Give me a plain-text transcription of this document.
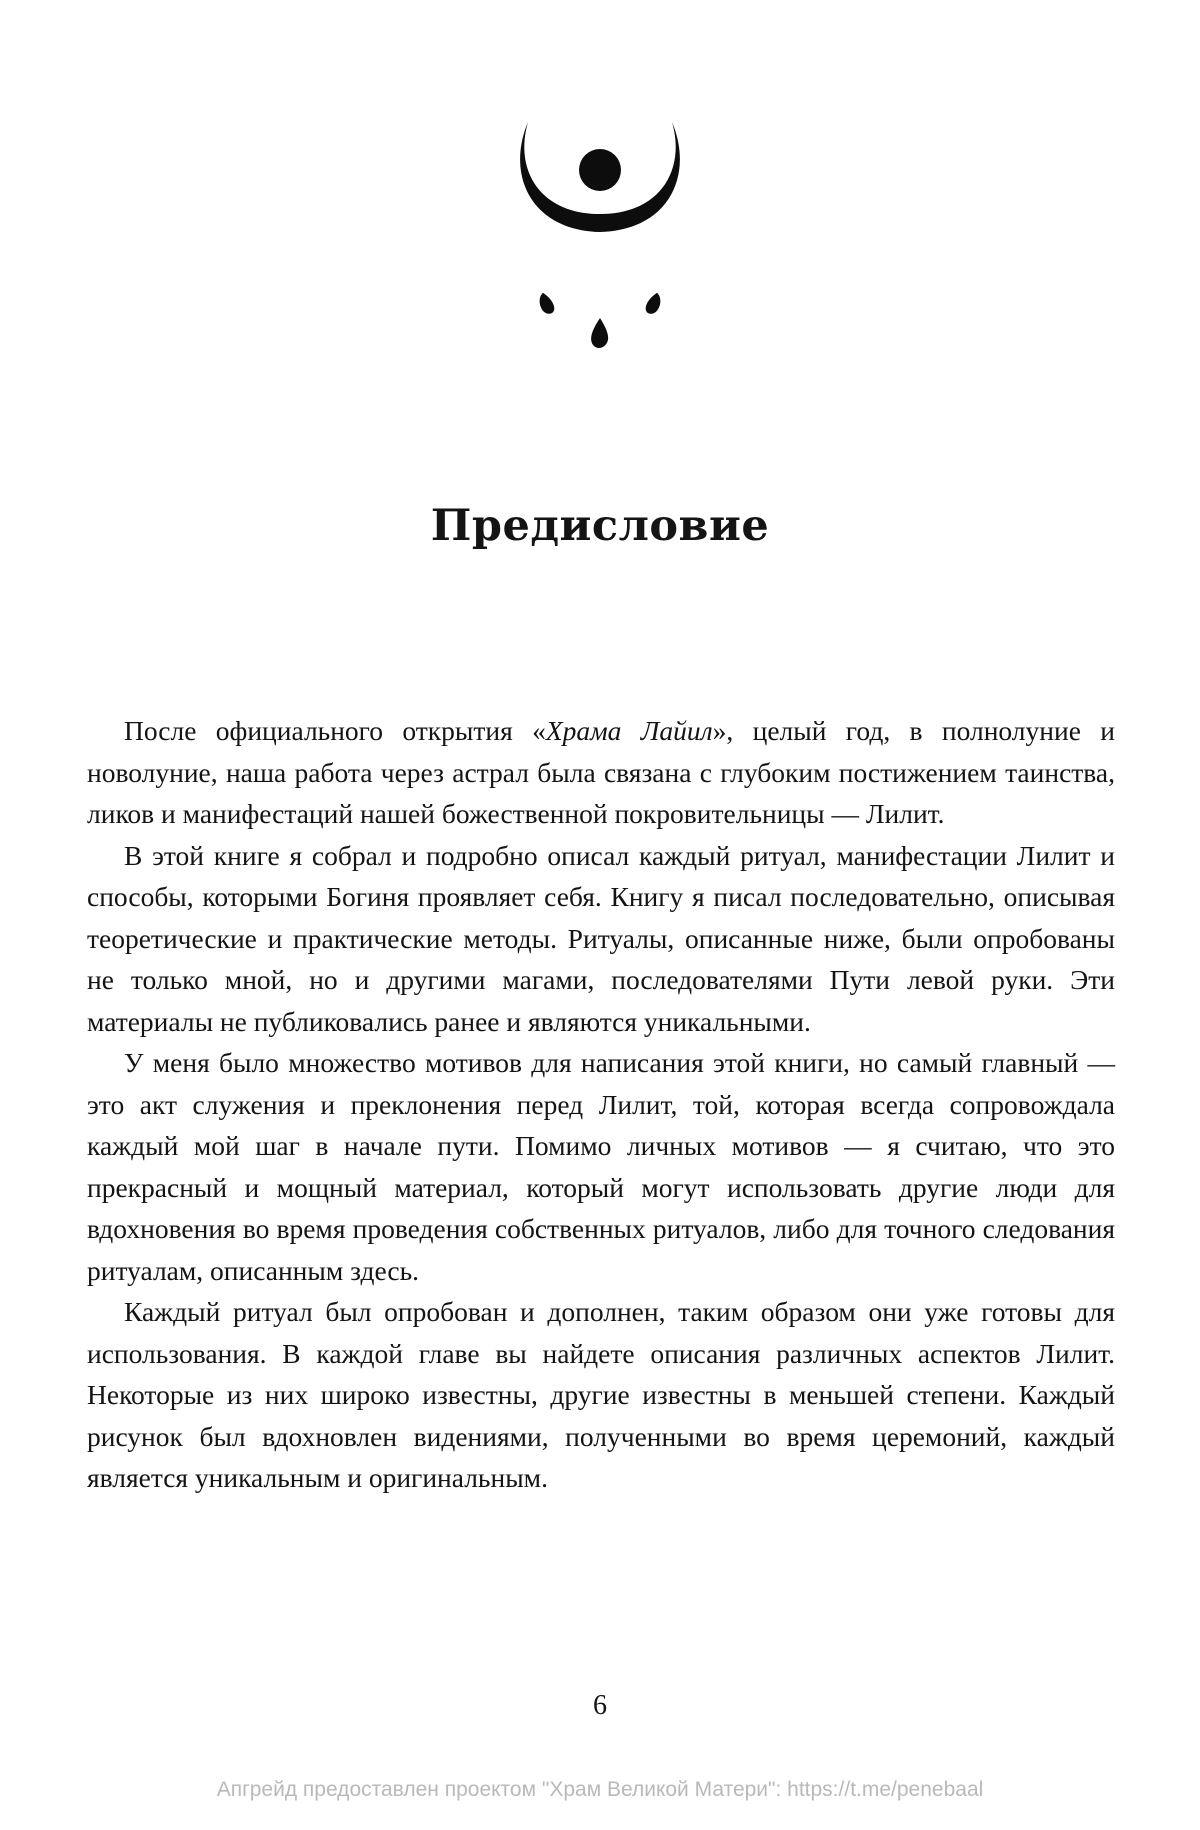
Предисловие

После официального открытия «Храма Лайил», целый год, в полнолуние и новолуние, наша работа через астрал была связана с глубоким постижением таинства, ликов и манифестаций нашей божественной покровительницы — Лилит.

В этой книге я собрал и подробно описал каждый ритуал, манифестации Лилит и способы, которыми Богиня проявляет себя. Книгу я писал последовательно, описывая теоретические и практические методы. Ритуалы, описанные ниже, были опробованы не только мной, но и другими магами, последователями Пути левой руки. Эти материалы не публиковались ранее и являются уникальными.

У меня было множество мотивов для написания этой книги, но самый главный — это акт служения и преклонения перед Лилит, той, которая всегда сопровождала каждый мой шаг в начале пути. Помимо личных мотивов — я считаю, что это прекрасный и мощный материал, который могут использовать другие люди для вдохновения во время проведения собственных ритуалов, либо для точного следования ритуалам, описанным здесь.

Каждый ритуал был опробован и дополнен, таким образом они уже готовы для использования. В каждой главе вы найдете описания различных аспектов Лилит. Некоторые из них широко известны, другие известны в меньшей степени. Каждый рисунок был вдохновлен видениями, полученными во время церемоний, каждый является уникальным и оригинальным.

6
Апгрейд предоставлен проектом "Храм Великой Матери": https://t.me/penebaal
